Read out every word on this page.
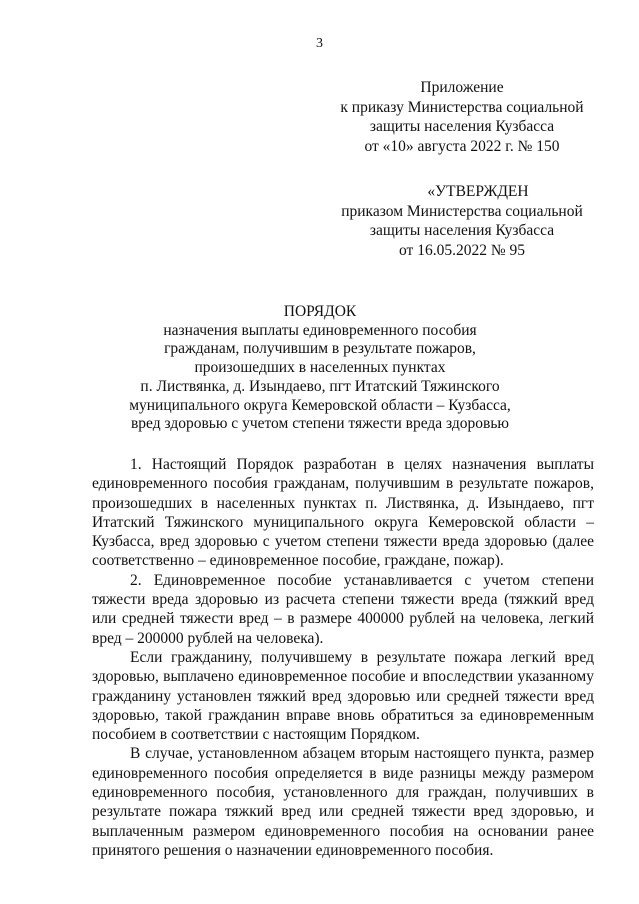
3
Приложение
к приказу Министерства социальной
защиты населения Кузбасса
от «10» августа 2022 г. № 150
«УТВЕРЖДЕН
приказом Министерства социальной
защиты населения Кузбасса
от 16.05.2022 № 95
ПОРЯДОК
назначения выплаты единовременного пособия
гражданам, получившим в результате пожаров,
произошедших в населенных пунктах
п. Листвянка, д. Изындаево, пгт Итатский Тяжинского
муниципального округа Кемеровской области – Кузбасса,
вред здоровью с учетом степени тяжести вреда здоровью

1. Настоящий Порядок разработан в целях назначения выплаты единовременного пособия гражданам, получившим в результате пожаров, произошедших в населенных пунктах п. Листвянка, д. Изындаево, пгт Итатский Тяжинского муниципального округа Кемеровской области – Кузбасса, вред здоровью с учетом степени тяжести вреда здоровью (далее соответственно – единовременное пособие, граждане, пожар).

2. Единовременное пособие устанавливается с учетом степени тяжести вреда здоровью из расчета степени тяжести вреда (тяжкий вред или средней тяжести вред – в размере 400000 рублей на человека, легкий вред – 200000 рублей на человека).

Если гражданину, получившему в результате пожара легкий вред здоровью, выплачено единовременное пособие и впоследствии указанному гражданину установлен тяжкий вред здоровью или средней тяжести вред здоровью, такой гражданин вправе вновь обратиться за единовременным пособием в соответствии с настоящим Порядком.

В случае, установленном абзацем вторым настоящего пункта, размер единовременного пособия определяется в виде разницы между размером единовременного пособия, установленного для граждан, получивших в результате пожара тяжкий вред или средней тяжести вред здоровью, и выплаченным размером единовременного пособия на основании ранее принятого решения о назначении единовременного пособия.
